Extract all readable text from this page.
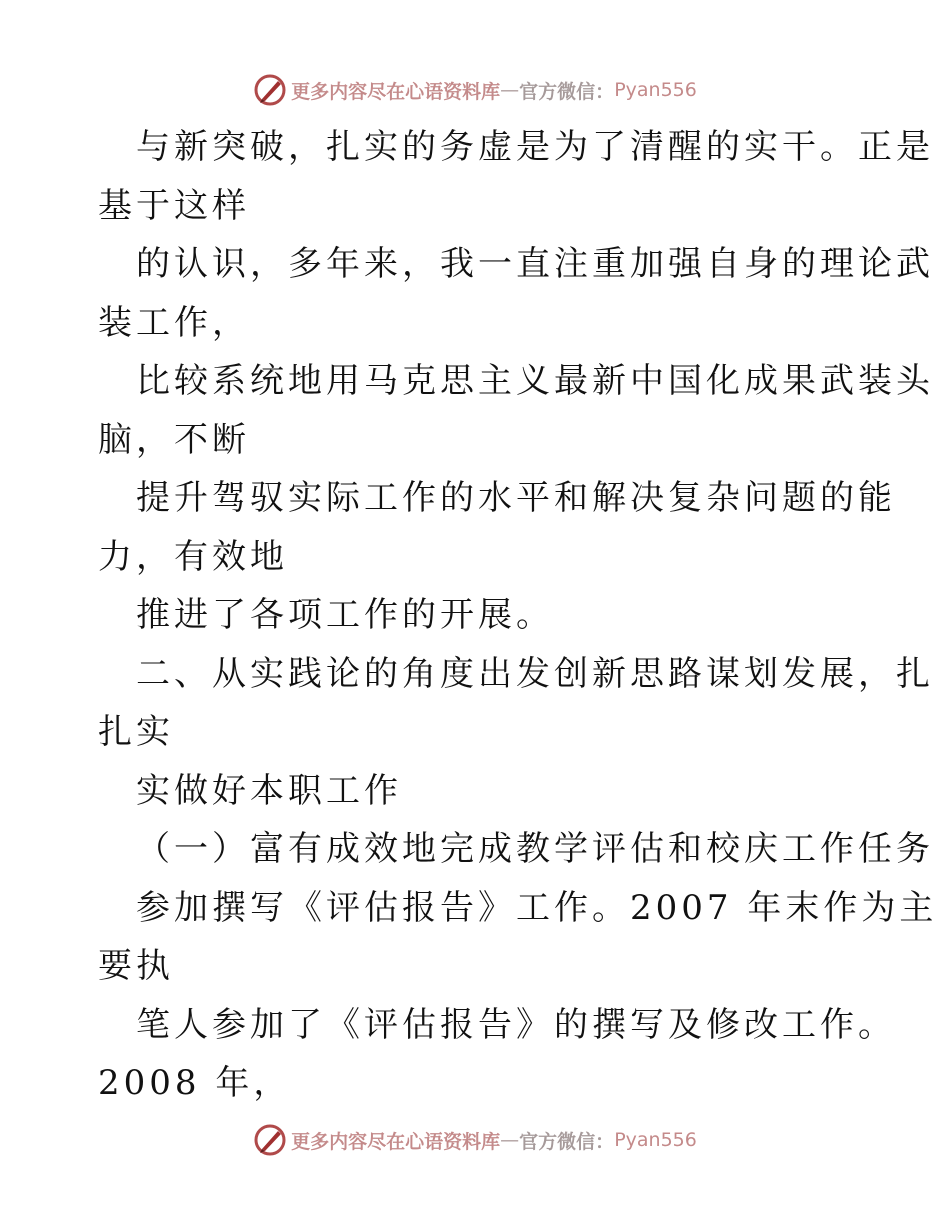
更多内容尽在心语资料库 — 官方微信： Pyan556
与新突破，扎实的务虚是为了清醒的实干。正是
基于这样
的认识，多年来，我一直注重加强自身的理论武
装工作，
比较系统地用马克思主义最新中国化成果武装头
脑，不断
提升驾驭实际工作的水平和解决复杂问题的能
力，有效地
推进了各项工作的开展。
二、从实践论的角度出发创新思路谋划发展，扎
扎实
实做好本职工作
（一）富有成效地完成教学评估和校庆工作任务
参加撰写《评估报告》工作。2007 年末作为主
要执
笔人参加了《评估报告》的撰写及修改工作。
2008 年，
更多内容尽在心语资料库 — 官方微信： Pyan556
